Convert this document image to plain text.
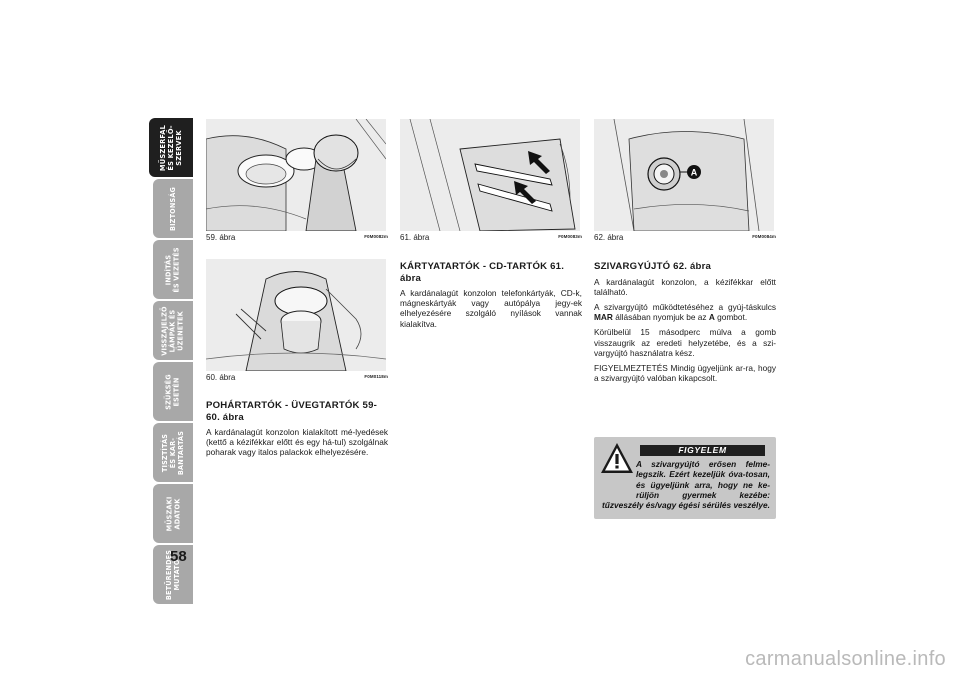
MŰSZERFAL
ÉS KEZELŐ-
SZERVEK
BIZTONSÁG
INDÍTÁS
ÉS VEZETÉS
VISSZAJELZŐ
LÁMPÁK ÉS
ÜZENETEK
SZÜKSÉG
ESETÉN
TISZTÍTÁS
ÉS KAR-
BANTARTÁS
MŰSZAKI
ADATOK
BETŰRENDES
MUTATÓ
58
59. ábra	F0M0082m
60. ábra	F0M0118m
61. ábra	F0M0083m
A
62. ábra	F0M0084m

POHÁRTARTÓK - ÜVEGTARTÓK 59-60. ábra

A kardánalagút konzolon kialakított mé-lyedések (kettő a kézifékkar előtt és egy há-tul) szolgálnak poharak vagy italos palackok elhelyezésére.

KÁRTYATARTÓK - CD-TARTÓK 61. ábra

A kardánalagút konzolon telefonkártyák, CD-k, mágneskártyák vagy autópálya jegy-ek elhelyezésére szolgáló nyílások vannak kialakítva.

SZIVARGYÚJTÓ 62. ábra

A kardánalagút konzolon, a kézifékkar előtt található.

A szivargyújtó működtetéséhez a gyúj-táskulcs MAR állásában nyomjuk be az A gombot.

Körülbelül 15 másodperc múlva a gomb visszaugrik az eredeti helyzetébe, és a szi-vargyújtó használatra kész.

FIGYELMEZTETÉS Mindig ügyeljünk ar-ra, hogy a szivargyújtó valóban kikapcsolt.

FIGYELEM
A szivargyújtó erősen felme-legszik. Ezért kezeljük óva-tosan, és ügyeljünk arra, hogy ne ke-rüljön gyermek kezébe: tűzveszély és/vagy égési sérülés veszélye.
carmanualsonline.info
